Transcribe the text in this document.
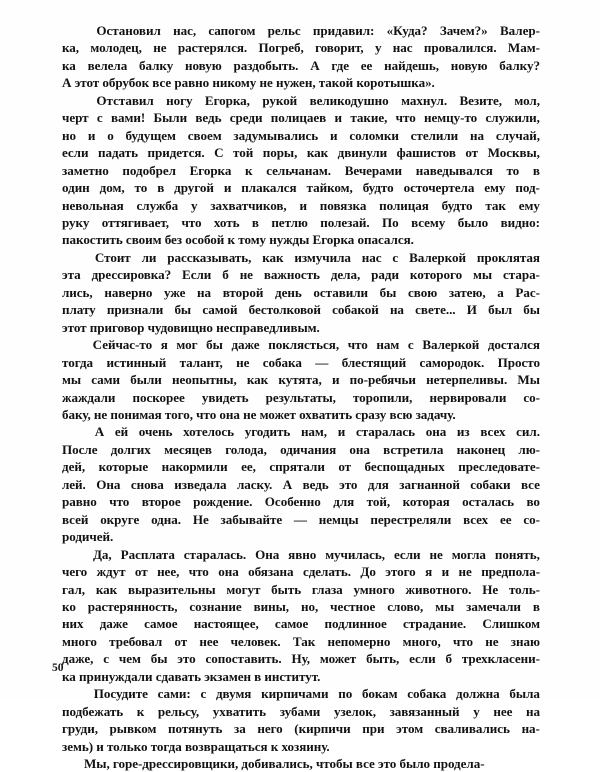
Остановил нас, сапогом рельс придавил: «Куда? Зачем?» Валер-
ка, молодец, не растерялся. Погреб, говорит, у нас провалился. Мам-
ка велела балку новую раздобыть. А где ее найдешь, новую балку?
А этот обрубок все равно никому не нужен, такой коротышка».
Отставил ногу Егорка, рукой великодушно махнул. Везите, мол,
черт с вами! Были ведь среди полицаев и такие, что немцу-то служили,
но и о будущем своем задумывались и соломки стелили на случай,
если падать придется. С той поры, как двинули фашистов от Москвы,
заметно подобрел Егорка к сельчанам. Вечерами наведывался то в
один дом, то в другой и плакался тайком, будто осточертела ему под-
невольная служба у захватчиков, и повязка полицая будто так ему
руку оттягивает, что хоть в петлю полезай. По всему было видно:
пакостить своим без особой к тому нужды Егорка опасался.
Стоит ли рассказывать, как измучила нас с Валеркой проклятая
эта дрессировка? Если б не важность дела, ради которого мы стара-
лись, наверно уже на второй день оставили бы свою затею, а Рас-
плату признали бы самой бестолковой собакой на свете... И был бы
этот приговор чудовищно несправедливым.
Сейчас-то я мог бы даже поклясться, что нам с Валеркой достался
тогда истинный талант, не собака — блестящий самородок. Просто
мы сами были неопытны, как кутята, и по-ребячьи нетерпеливы. Мы
жаждали поскорее увидеть результаты, торопили, нервировали со-
баку, не понимая того, что она не может охватить сразу всю задачу.
А ей очень хотелось угодить нам, и старалась она из всех сил.
После долгих месяцев голода, одичания она встретила наконец лю-
дей, которые накормили ее, спрятали от беспощадных преследовате-
лей. Она снова изведала ласку. А ведь это для загнанной собаки все
равно что второе рождение. Особенно для той, которая осталась во
всей округе одна. Не забывайте — немцы перестреляли всех ее со-
родичей.
Да, Расплата старалась. Она явно мучилась, если не могла понять,
чего ждут от нее, что она обязана сделать. До этого я и не предпола-
гал, как выразительны могут быть глаза умного животного. Не толь-
ко растерянность, сознание вины, но, честное слово, мы замечали в
них даже самое настоящее, самое подлинное страдание. Слишком
много требовал от нее человек. Так непомерно много, что не знаю
даже, с чем бы это сопоставить. Ну, может быть, если б трехкласени-
ка принуждали сдавать экзамен в институт.
Посудите сами: с двумя кирпичами по бокам собака должна была
подбежать к рельсу, ухватить зубами узелок, завязанный у нее на
груди, рывком потянуть за него (кирпичи при этом сваливались на-
земь) и только тогда возвращаться к хозяину.
Мы, горе-дрессировщики, добивались, чтобы все это было продела-
50
